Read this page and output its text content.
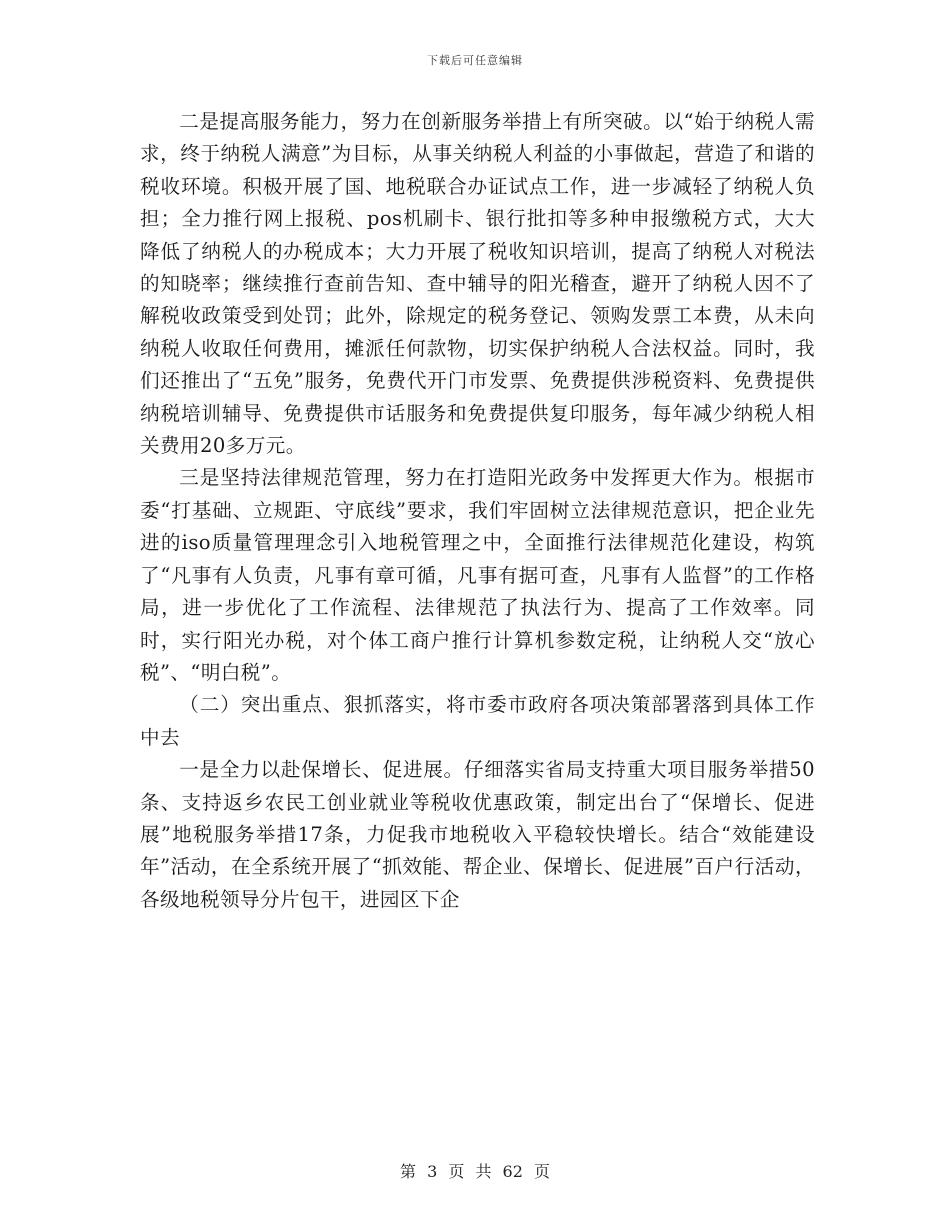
下载后可任意编辑

二是提高服务能力，努力在创新服务举措上有所突破。以“始于纳税人需求，终于纳税人满意”为目标，从事关纳税人利益的小事做起，营造了和谐的税收环境。积极开展了国、地税联合办证试点工作，进一步减轻了纳税人负担；全力推行网上报税、pos机刷卡、银行批扣等多种申报缴税方式，大大降低了纳税人的办税成本；大力开展了税收知识培训，提高了纳税人对税法的知晓率；继续推行查前告知、查中辅导的阳光稽查，避开了纳税人因不了解税收政策受到处罚；此外，除规定的税务登记、领购发票工本费，从未向纳税人收取任何费用，摊派任何款物，切实保护纳税人合法权益。同时，我们还推出了“五免”服务，免费代开门市发票、免费提供涉税资料、免费提供纳税培训辅导、免费提供市话服务和免费提供复印服务，每年减少纳税人相关费用20多万元。

三是坚持法律规范管理，努力在打造阳光政务中发挥更大作为。根据市委“打基础、立规距、守底线”要求，我们牢固树立法律规范意识，把企业先进的iso质量管理理念引入地税管理之中，全面推行法律规范化建设，构筑了“凡事有人负责，凡事有章可循，凡事有据可查，凡事有人监督”的工作格局，进一步优化了工作流程、法律规范了执法行为、提高了工作效率。同时，实行阳光办税，对个体工商户推行计算机参数定税，让纳税人交“放心税”、“明白税”。

（二）突出重点、狠抓落实，将市委市政府各项决策部署落到具体工作中去

一是全力以赴保增长、促进展。仔细落实省局支持重大项目服务举措50条、支持返乡农民工创业就业等税收优惠政策，制定出台了“保增长、促进展”地税服务举措17条，力促我市地税收入平稳较快增长。结合“效能建设年”活动，在全系统开展了“抓效能、帮企业、保增长、促进展”百户行活动，各级地税领导分片包干，进园区下企

第 3 页 共 62 页
